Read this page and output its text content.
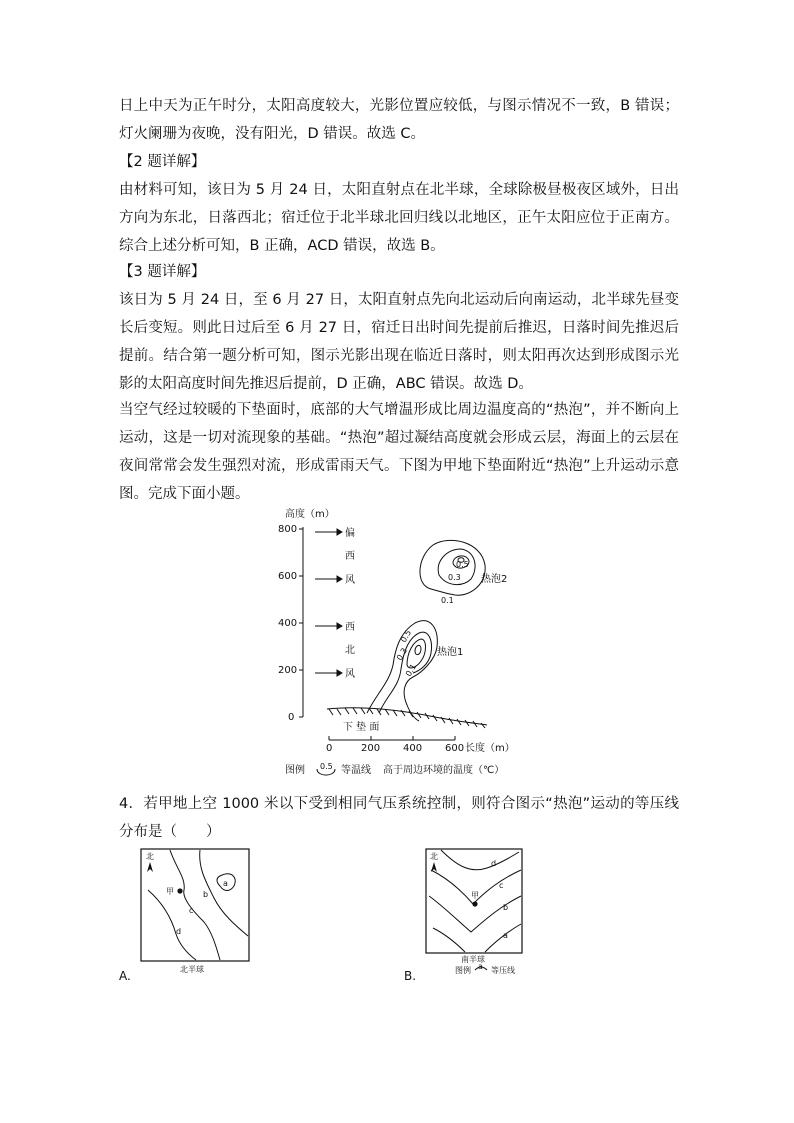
日上中天为正午时分，太阳高度较大，光影位置应较低，与图示情况不一致，B 错误；灯火阑珊为夜晚，没有阳光，D 错误。故选 C。

【2 题详解】

由材料可知，该日为 5 月 24 日，太阳直射点在北半球，全球除极昼极夜区域外，日出方向为东北，日落西北；宿迁位于北半球北回归线以北地区，正午太阳应位于正南方。综合上述分析可知，B 正确，ACD 错误，故选 B。

【3 题详解】

该日为 5 月 24 日，至 6 月 27 日，太阳直射点先向北运动后向南运动，北半球先昼变长后变短。则此日过后至 6 月 27 日，宿迁日出时间先提前后推迟，日落时间先推迟后提前。结合第一题分析可知，图示光影出现在临近日落时，则太阳再次达到形成图示光影的太阳高度时间先推迟后提前，D 正确，ABC 错误。故选 D。

当空气经过较暖的下垫面时，底部的大气增温形成比周边温度高的“热泡”，并不断向上运动，这是一切对流现象的基础。“热泡”超过凝结高度就会形成云层，海面上的云层在夜间常常会发生强烈对流，形成雷雨天气。下图为甲地下垫面附近“热泡”上升运动示意图。完成下面小题。

高度（m）
800
600
400
200
0
偏
西
风
西
北
风
0.5
0.3
0.1
热泡2
0.5
0.3
0.1
热泡1
下 垫 面
0	200 400 600 长度（m）
图例 0.5 等温线 高于周边环境的温度（℃）

4．若甲地上空 1000 米以下受到相同气压系统控制，则符合图示“热泡”运动的等压线分布是（　　）

北
甲
a
b
c
d
北半球
A.
北
甲
d
c
b
a
南半球
图例 a 等压线
B.
